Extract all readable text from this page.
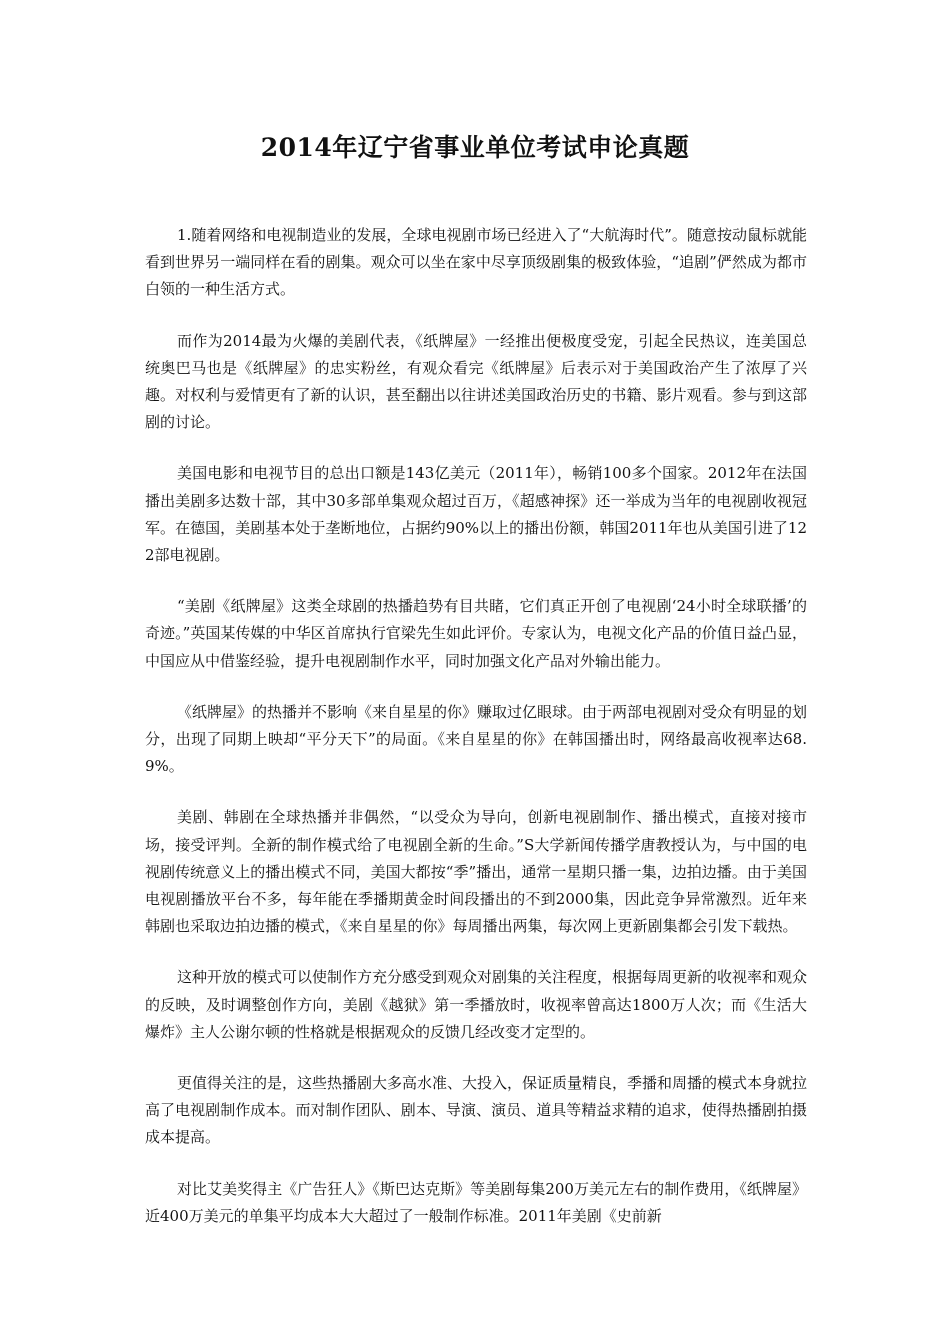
2014年辽宁省事业单位考试申论真题

1.随着网络和电视制造业的发展，全球电视剧市场已经进入了“大航海时代”。随意按动鼠标就能看到世界另一端同样在看的剧集。观众可以坐在家中尽享顶级剧集的极致体验，“追剧”俨然成为都市白领的一种生活方式。

而作为2014最为火爆的美剧代表，《纸牌屋》一经推出便极度受宠，引起全民热议，连美国总统奥巴马也是《纸牌屋》的忠实粉丝，有观众看完《纸牌屋》后表示对于美国政治产生了浓厚了兴趣。对权利与爱情更有了新的认识，甚至翻出以往讲述美国政治历史的书籍、影片观看。参与到这部剧的讨论。

美国电影和电视节目的总出口额是143亿美元（2011年），畅销100多个国家。2012年在法国播出美剧多达数十部，其中30多部单集观众超过百万，《超感神探》还一举成为当年的电视剧收视冠军。在德国，美剧基本处于垄断地位，占据约90%以上的播出份额，韩国2011年也从美国引进了122部电视剧。

“美剧《纸牌屋》这类全球剧的热播趋势有目共睹，它们真正开创了电视剧‘24小时全球联播’的奇迹。”英国某传媒的中华区首席执行官梁先生如此评价。专家认为，电视文化产品的价值日益凸显，中国应从中借鉴经验，提升电视剧制作水平，同时加强文化产品对外输出能力。

《纸牌屋》的热播并不影响《来自星星的你》赚取过亿眼球。由于两部电视剧对受众有明显的划分，出现了同期上映却“平分天下”的局面。《来自星星的你》在韩国播出时，网络最高收视率达68.9%。

美剧、韩剧在全球热播并非偶然，“以受众为导向，创新电视剧制作、播出模式，直接对接市场，接受评判。全新的制作模式给了电视剧全新的生命。”S大学新闻传播学唐教授认为，与中国的电视剧传统意义上的播出模式不同，美国大都按“季”播出，通常一星期只播一集，边拍边播。由于美国电视剧播放平台不多，每年能在季播期黄金时间段播出的不到2000集，因此竞争异常激烈。近年来韩剧也采取边拍边播的模式，《来自星星的你》每周播出两集，每次网上更新剧集都会引发下载热。

这种开放的模式可以使制作方充分感受到观众对剧集的关注程度，根据每周更新的收视率和观众的反映，及时调整创作方向，美剧《越狱》第一季播放时，收视率曾高达1800万人次；而《生活大爆炸》主人公谢尔顿的性格就是根据观众的反馈几经改变才定型的。

更值得关注的是，这些热播剧大多高水准、大投入，保证质量精良，季播和周播的模式本身就拉高了电视剧制作成本。而对制作团队、剧本、导演、演员、道具等精益求精的追求，使得热播剧拍摄成本提高。

对比艾美奖得主《广告狂人》《斯巴达克斯》等美剧每集200万美元左右的制作费用，《纸牌屋》近400万美元的单集平均成本大大超过了一般制作标准。2011年美剧《史前新
